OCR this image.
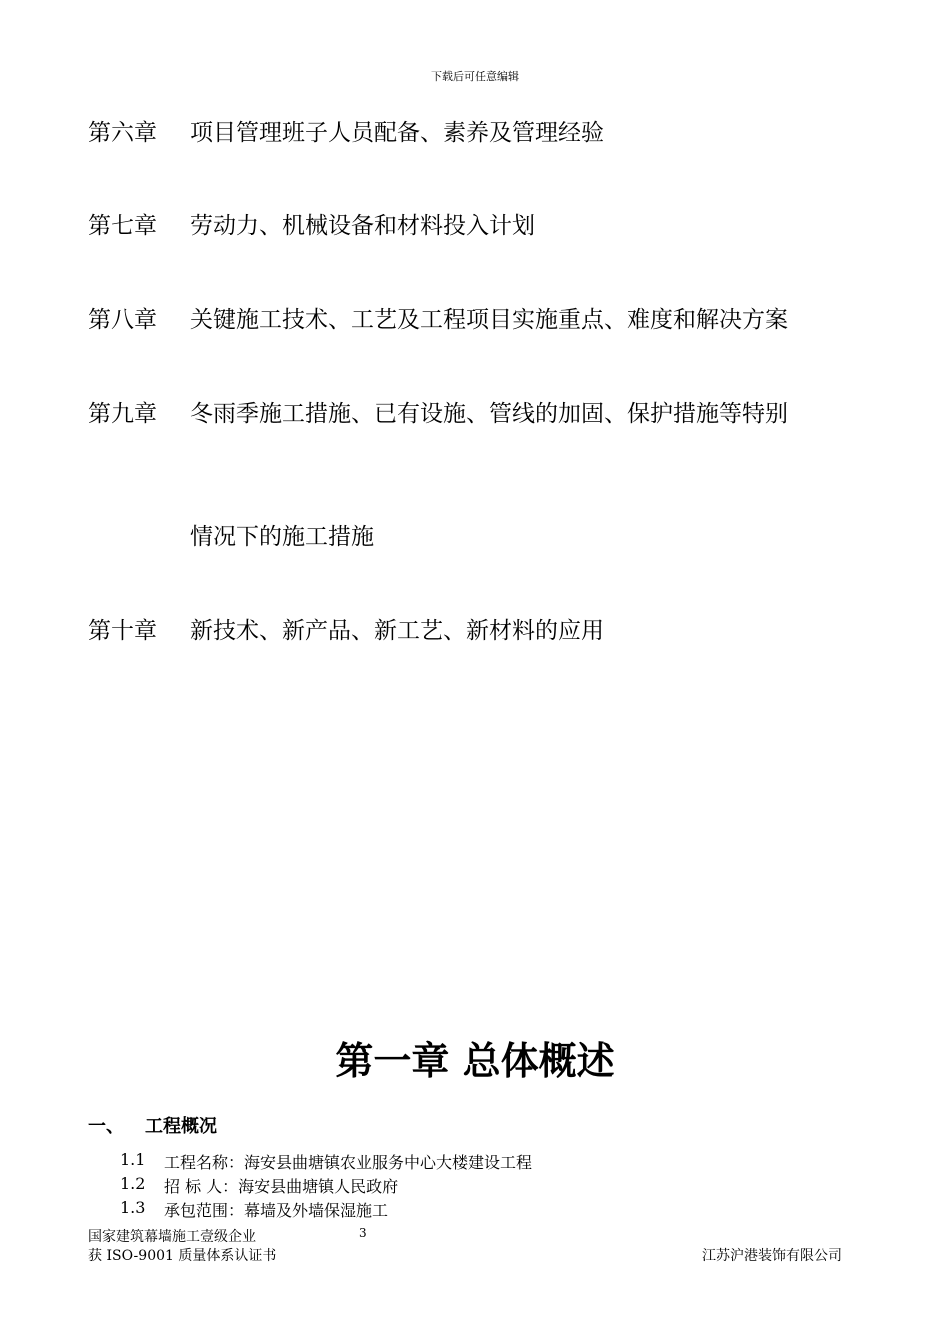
下载后可任意编辑
第六章 项目管理班子人员配备、素养及管理经验
第七章 劳动力、机械设备和材料投入计划
第八章 关键施工技术、工艺及工程项目实施重点、难度和解决方案
第九章 冬雨季施工措施、已有设施、管线的加固、保护措施等特别
情况下的施工措施
第十章 新技术、新产品、新工艺、新材料的应用
第一章 总体概述
一、 工程概况
1.1 工程名称：海安县曲塘镇农业服务中心大楼建设工程
1.2 招 标 人：海安县曲塘镇人民政府
1.3 承包范围：幕墙及外墙保湿施工
国家建筑幕墙施工壹级企业
获 ISO-9001 质量体系认证书
3
江苏沪港装饰有限公司
